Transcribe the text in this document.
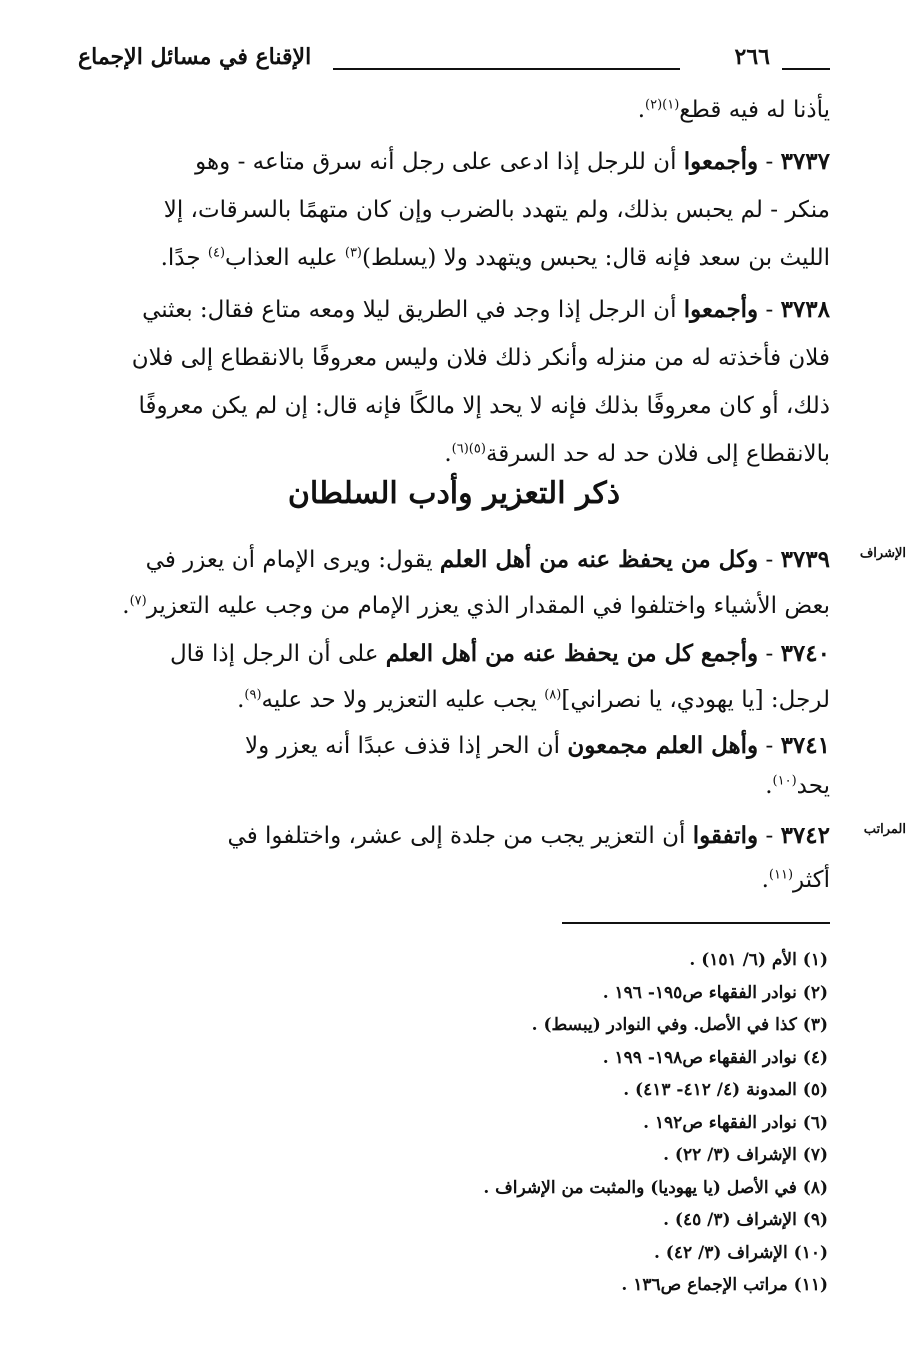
الإقناع في مسائل الإجماع	٢٦٦
يأذنا له فيه قطع$^{(١)(٢)}$.
٣٧٣٧ - وأجمعوا أن للرجل إذا ادعى على رجل أنه سرق متاعه - وهو
منكر - لم يحبس بذلك، ولم يتهدد بالضرب وإن كان متهمًا بالسرقات، إلا
الليث بن سعد فإنه قال: يحبس ويتهدد ولا (يسلط)$^{(٣)}$ عليه العذاب$^{(٤)}$ جدًا.
٣٧٣٨ - وأجمعوا أن الرجل إذا وجد في الطريق ليلا ومعه متاع فقال: بعثني
فلان فأخذته له من منزله وأنكر ذلك فلان وليس معروفًا بالانقطاع إلى فلان
ذلك، أو كان معروفًا بذلك فإنه لا يحد إلا مالكًا فإنه قال: إن لم يكن معروفًا
بالانقطاع إلى فلان حد له حد السرقة$^{(٥)(٦)}$.
ذكر التعزير وأدب السلطان
الإشراف
المراتب
٣٧٣٩ - وكل من يحفظ عنه من أهل العلم يقول: ويرى الإمام أن يعزر في
بعض الأشياء واختلفوا في المقدار الذي يعزر الإمام من وجب عليه التعزير$^{(٧)}$.
٣٧٤٠ - وأجمع كل من يحفظ عنه من أهل العلم على أن الرجل إذا قال
لرجل: [يا يهودي، يا نصراني]$^{(٨)}$ يجب عليه التعزير ولا حد عليه$^{(٩)}$.
٣٧٤١ - وأهل العلم مجمعون أن الحر إذا قذف عبدًا أنه يعزر ولا
يحد$^{(١٠)}$.
٣٧٤٢ - واتفقوا أن التعزير يجب من جلدة إلى عشر، واختلفوا في
أكثر$^{(١١)}$.
(١) الأم (٦/ ١٥١) .
(٢) نوادر الفقهاء ص١٩٥- ١٩٦ .
(٣) كذا في الأصل. وفي النوادر (يبسط) .
(٤) نوادر الفقهاء ص١٩٨- ١٩٩ .
(٥) المدونة (٤/ ٤١٢- ٤١٣) .
(٦) نوادر الفقهاء ص١٩٢ .
(٧) الإشراف (٣/ ٢٢) .
(٨) في الأصل (يا يهوديا) والمثبت من الإشراف .
(٩) الإشراف (٣/ ٤٥) .
(١٠) الإشراف (٣/ ٤٢) .
(١١) مراتب الإجماع ص١٣٦ .
